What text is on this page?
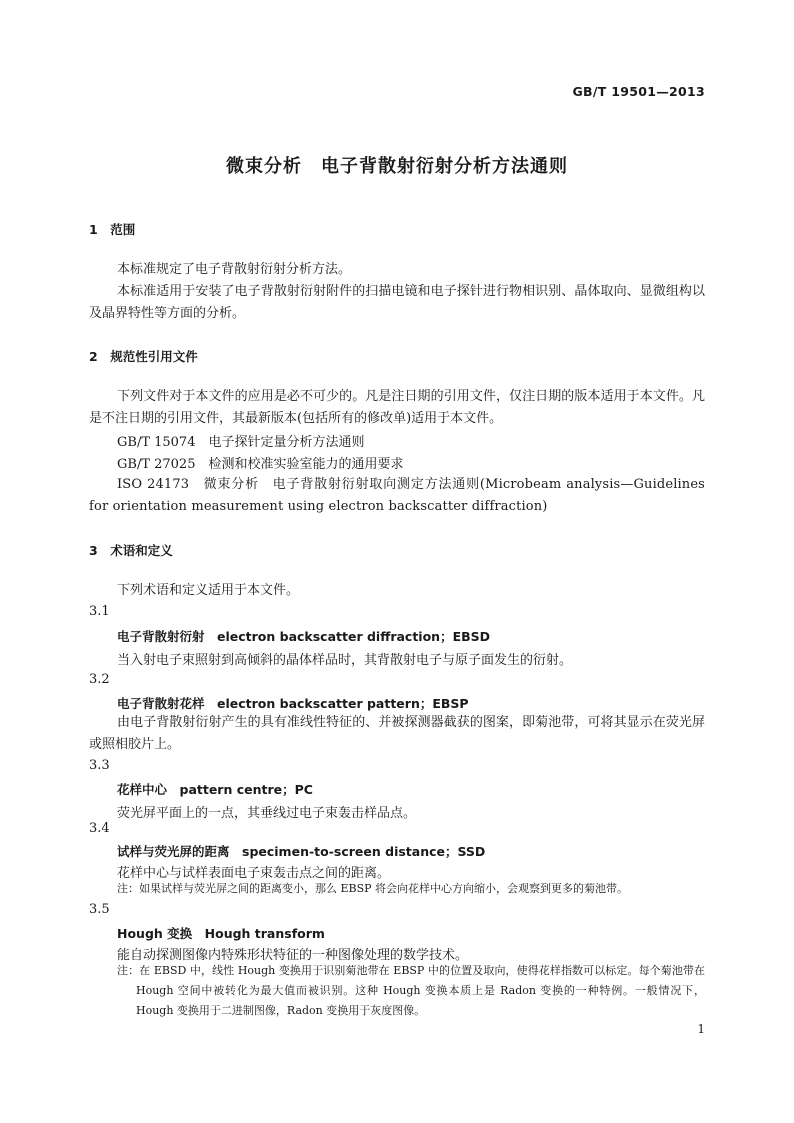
GB/T 19501—2013
微束分析　电子背散射衍射分析方法通则
1　范围
本标准规定了电子背散射衍射分析方法。
本标准适用于安装了电子背散射衍射附件的扫描电镜和电子探针进行物相识别、晶体取向、显微组构以及晶界特性等方面的分析。
2　规范性引用文件
下列文件对于本文件的应用是必不可少的。凡是注日期的引用文件，仅注日期的版本适用于本文件。凡是不注日期的引用文件，其最新版本(包括所有的修改单)适用于本文件。
GB/T 15074　电子探针定量分析方法通则
GB/T 27025　检测和校准实验室能力的通用要求
ISO 24173　微束分析　电子背散射衍射取向测定方法通则(Microbeam analysis—Guidelines for orientation measurement using electron backscatter diffraction)
3　术语和定义
下列术语和定义适用于本文件。
3.1
电子背散射衍射　electron backscatter diffraction；EBSD
当入射电子束照射到高倾斜的晶体样品时，其背散射电子与原子面发生的衍射。
3.2
电子背散射花样　electron backscatter pattern；EBSP
由电子背散射衍射产生的具有准线性特征的、并被探测器截获的图案，即菊池带，可将其显示在荧光屏或照相胶片上。
3.3
花样中心　pattern centre；PC
荧光屏平面上的一点，其垂线过电子束轰击样品点。
3.4
试样与荧光屏的距离　specimen-to-screen distance；SSD
花样中心与试样表面电子束轰击点之间的距离。
注：如果试样与荧光屏之间的距离变小，那么 EBSP 将会向花样中心方向缩小，会观察到更多的菊池带。
3.5
Hough 变换　Hough transform
能自动探测图像内特殊形状特征的一种图像处理的数学技术。
注：在 EBSD 中，线性 Hough 变换用于识别菊池带在 EBSP 中的位置及取向，使得花样指数可以标定。每个菊池带在 Hough 空间中被转化为最大值而被识别。这种 Hough 变换本质上是 Radon 变换的一种特例。一般情况下，Hough 变换用于二进制图像，Radon 变换用于灰度图像。
1
